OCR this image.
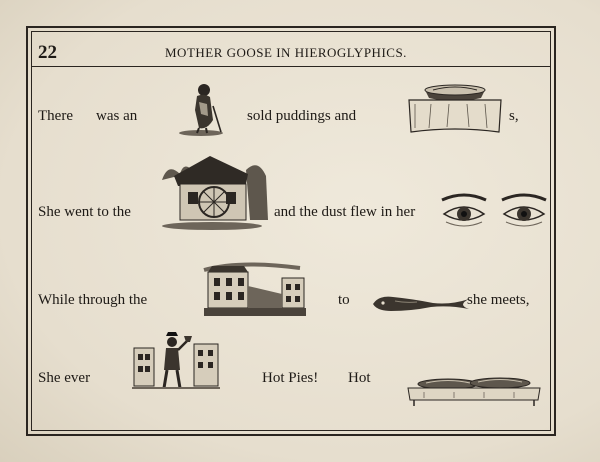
22	MOTHER GOOSE IN HIEROGLYPHICS.
There was an	sold puddings and	s,
She went to the	and the dust flew in her
While through the	to	she meets,
She ever	Hot Pies! Hot
